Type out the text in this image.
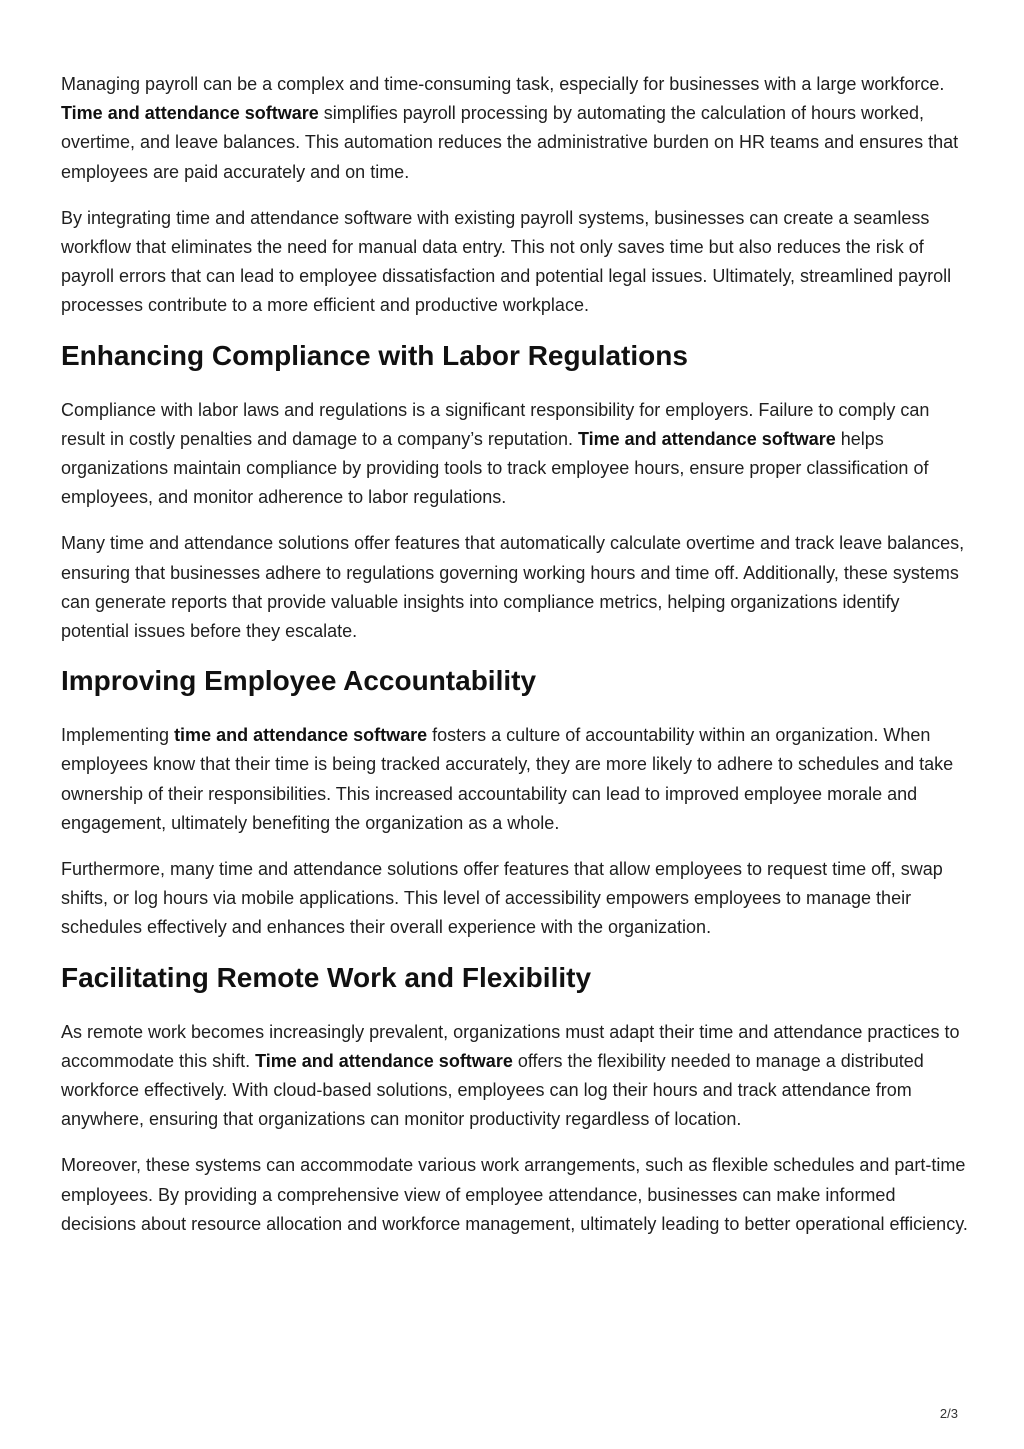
Managing payroll can be a complex and time-consuming task, especially for businesses with a large workforce. Time and attendance software simplifies payroll processing by automating the calculation of hours worked, overtime, and leave balances. This automation reduces the administrative burden on HR teams and ensures that employees are paid accurately and on time.

By integrating time and attendance software with existing payroll systems, businesses can create a seamless workflow that eliminates the need for manual data entry. This not only saves time but also reduces the risk of payroll errors that can lead to employee dissatisfaction and potential legal issues. Ultimately, streamlined payroll processes contribute to a more efficient and productive workplace.

Enhancing Compliance with Labor Regulations

Compliance with labor laws and regulations is a significant responsibility for employers. Failure to comply can result in costly penalties and damage to a company’s reputation. Time and attendance software helps organizations maintain compliance by providing tools to track employee hours, ensure proper classification of employees, and monitor adherence to labor regulations.

Many time and attendance solutions offer features that automatically calculate overtime and track leave balances, ensuring that businesses adhere to regulations governing working hours and time off. Additionally, these systems can generate reports that provide valuable insights into compliance metrics, helping organizations identify potential issues before they escalate.

Improving Employee Accountability

Implementing time and attendance software fosters a culture of accountability within an organization. When employees know that their time is being tracked accurately, they are more likely to adhere to schedules and take ownership of their responsibilities. This increased accountability can lead to improved employee morale and engagement, ultimately benefiting the organization as a whole.

Furthermore, many time and attendance solutions offer features that allow employees to request time off, swap shifts, or log hours via mobile applications. This level of accessibility empowers employees to manage their schedules effectively and enhances their overall experience with the organization.

Facilitating Remote Work and Flexibility

As remote work becomes increasingly prevalent, organizations must adapt their time and attendance practices to accommodate this shift. Time and attendance software offers the flexibility needed to manage a distributed workforce effectively. With cloud-based solutions, employees can log their hours and track attendance from anywhere, ensuring that organizations can monitor productivity regardless of location.

Moreover, these systems can accommodate various work arrangements, such as flexible schedules and part-time employees. By providing a comprehensive view of employee attendance, businesses can make informed decisions about resource allocation and workforce management, ultimately leading to better operational efficiency.

2/3
